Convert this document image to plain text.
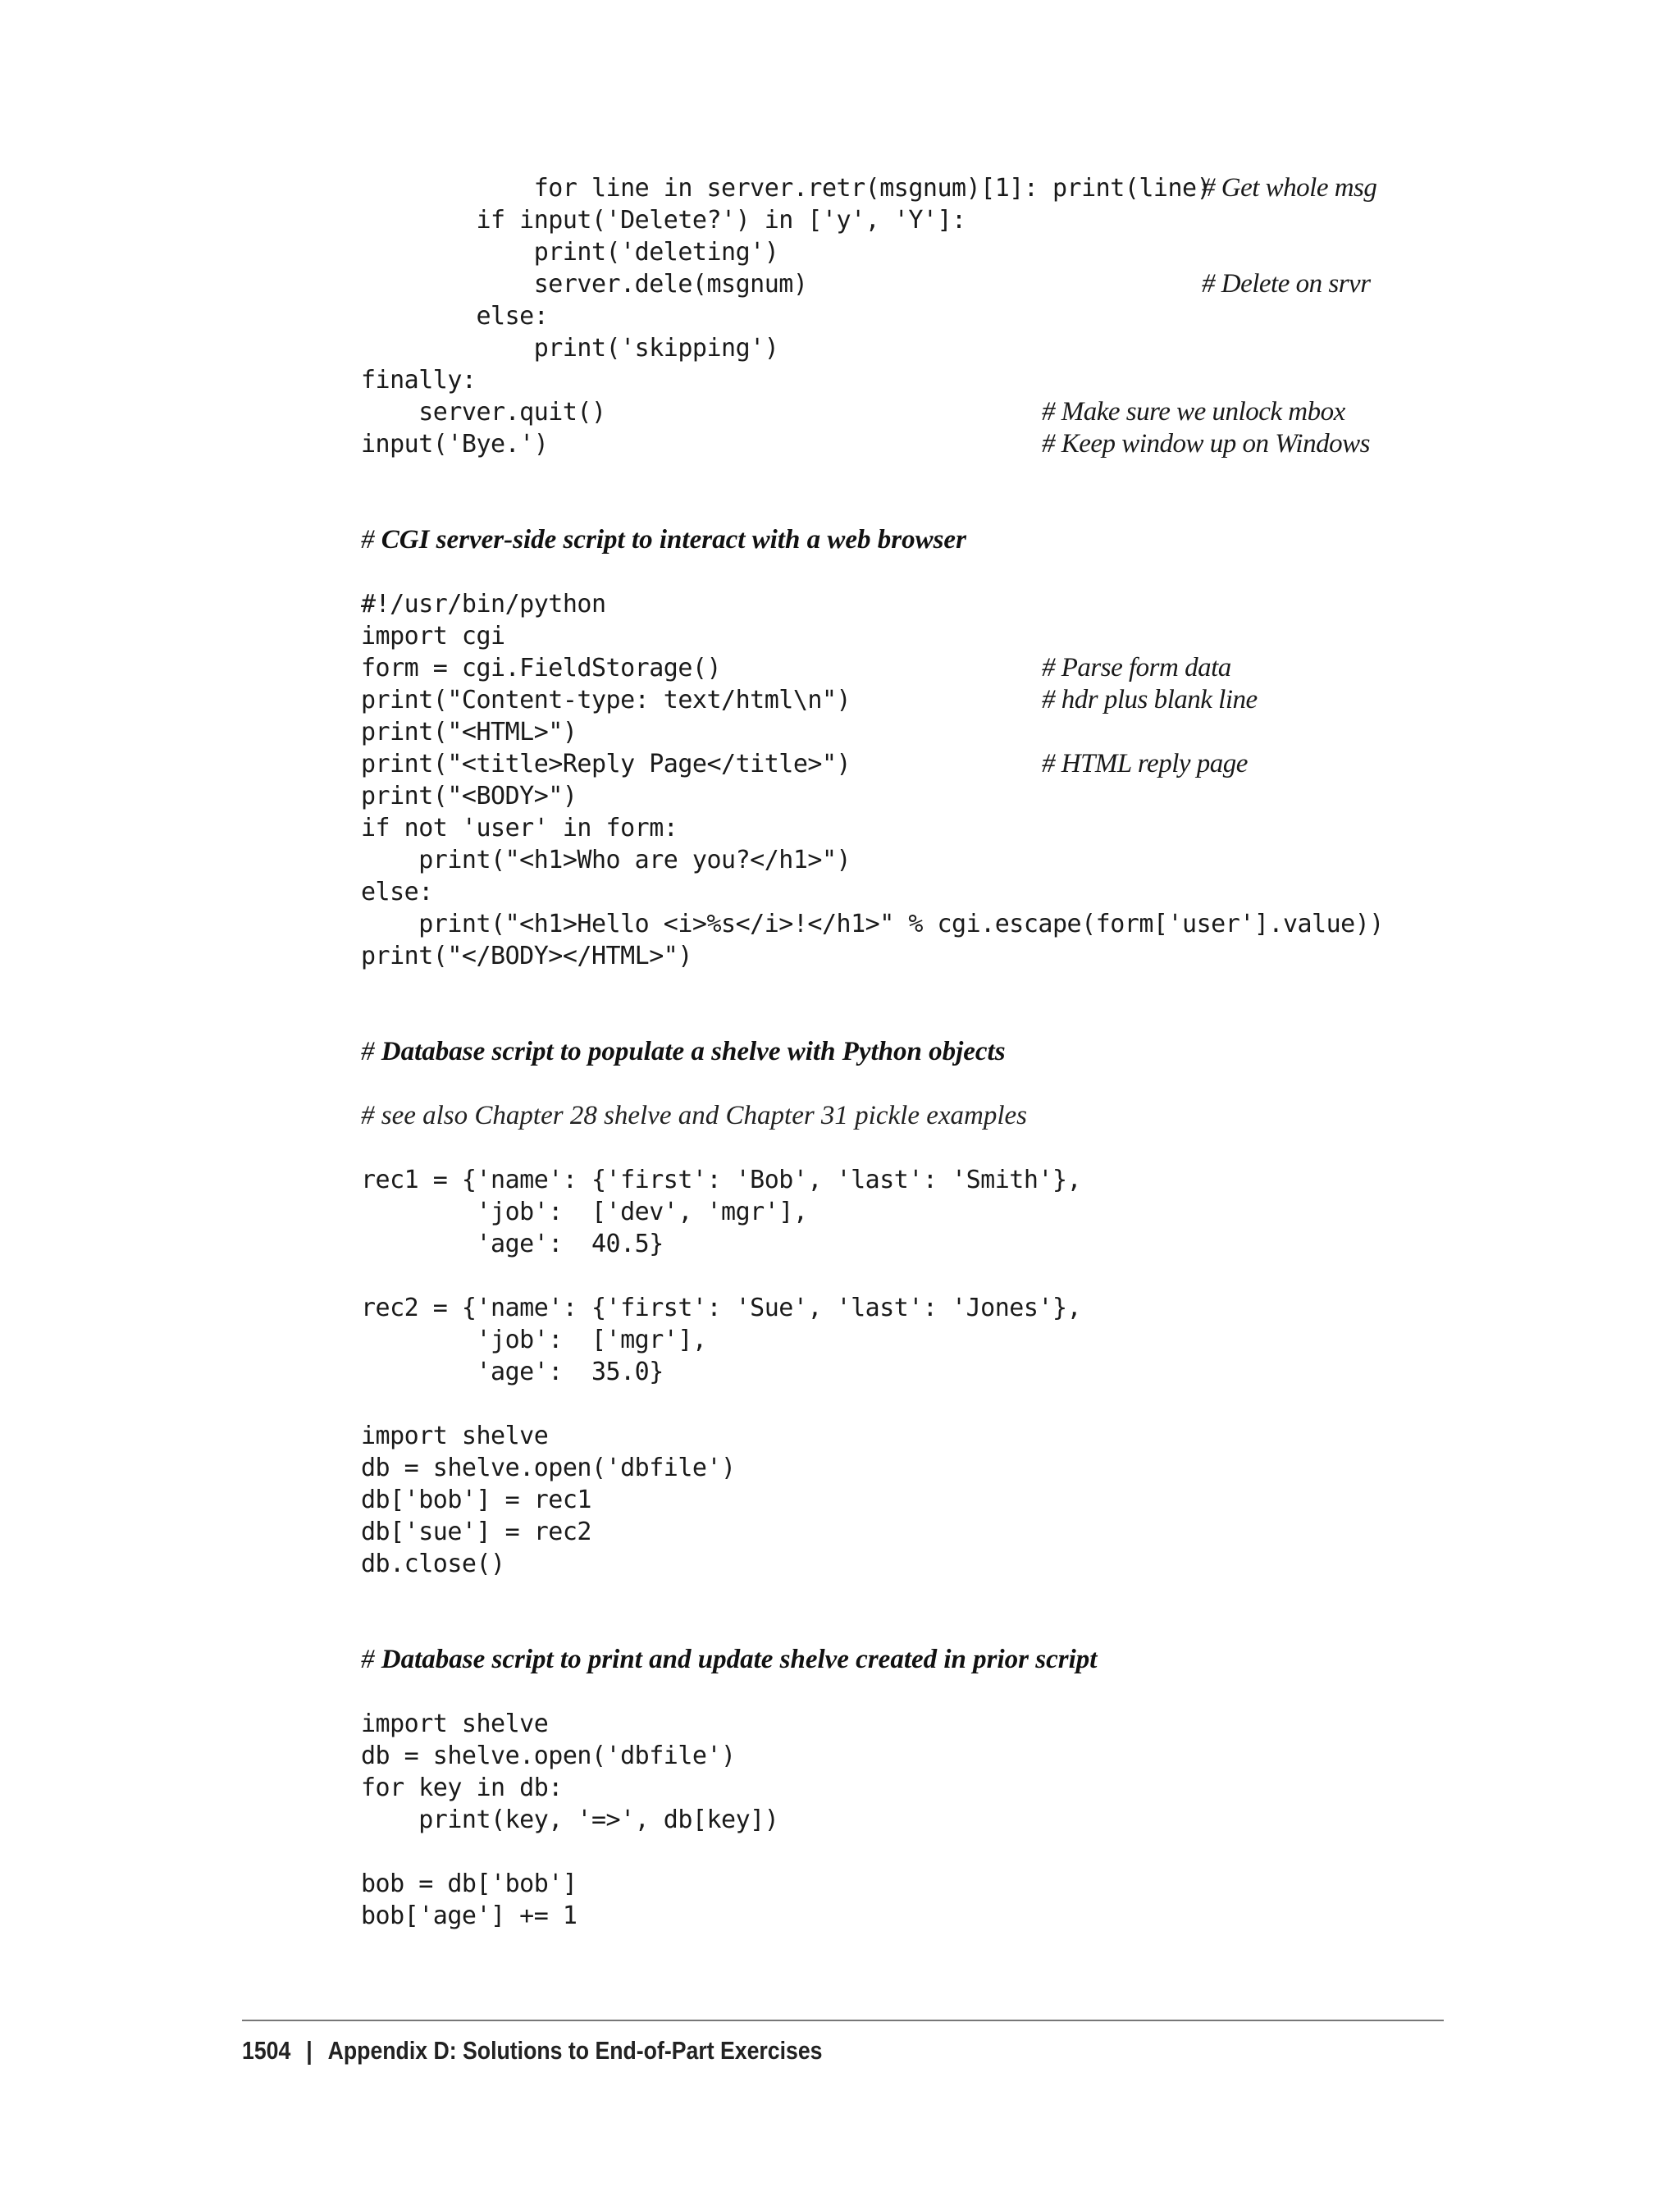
for line in server.retr(msgnum)[1]: print(line)
# Get whole msg
if input('Delete?') in ['y', 'Y']:
print('deleting')
server.dele(msgnum)	# Delete on srvr
else:
print('skipping')
finally:
server.quit()	# Make sure we unlock mbox
input('Bye.')	# Keep window up on Windows
# CGI server-side script to interact with a web browser
#!/usr/bin/python
import cgi
form = cgi.FieldStorage()	# Parse form data
print("Content-type: text/html\n")	# hdr plus blank line
print("<HTML>")
print("<title>Reply Page</title>")	# HTML reply page
print("<BODY>")
if not 'user' in form:
print("<h1>Who are you?</h1>")
else:
print("<h1>Hello <i>%s</i>!</h1>" % cgi.escape(form['user'].value))
print("</BODY></HTML>")
# Database script to populate a shelve with Python objects
# see also Chapter 28 shelve and Chapter 31 pickle examples
rec1 = {'name': {'first': 'Bob', 'last': 'Smith'},
'job':  ['dev', 'mgr'],
'age':  40.5}
rec2 = {'name': {'first': 'Sue', 'last': 'Jones'},
'job':  ['mgr'],
'age':  35.0}
import shelve
db = shelve.open('dbfile')
db['bob'] = rec1
db['sue'] = rec2
db.close()
# Database script to print and update shelve created in prior script
import shelve
db = shelve.open('dbfile')
for key in db:
print(key, '=>', db[key])
bob = db['bob']
bob['age'] += 1
1504 | Appendix D: Solutions to End-of-Part Exercises
